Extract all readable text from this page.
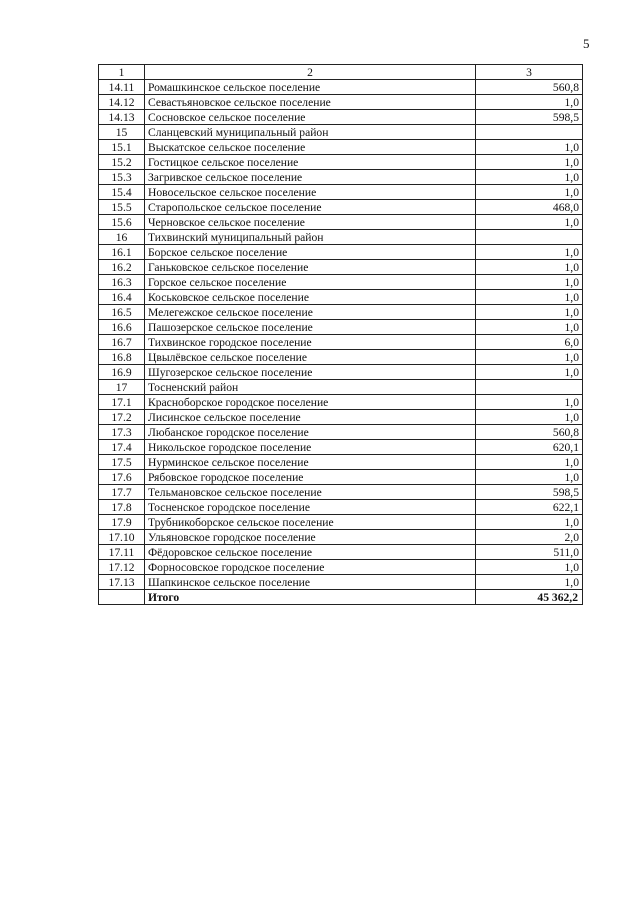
5
1	2	3
14.11	Ромашкинское сельское поселение	560,8
14.12	Севастьяновское сельское поселение	1,0
14.13	Сосновское сельское поселение	598,5
15	Сланцевский муниципальный район	
15.1	Выскатское сельское поселение	1,0
15.2	Гостицкое сельское поселение	1,0
15.3	Загривское сельское поселение	1,0
15.4	Новосельское сельское поселение	1,0
15.5	Старопольское сельское поселение	468,0
15.6	Черновское сельское поселение	1,0
16	Тихвинский муниципальный район	
16.1	Борское сельское поселение	1,0
16.2	Ганьковское сельское поселение	1,0
16.3	Горское сельское поселение	1,0
16.4	Коськовское сельское поселение	1,0
16.5	Мелегежское сельское поселение	1,0
16.6	Пашозерское сельское поселение	1,0
16.7	Тихвинское городское поселение	6,0
16.8	Цвылёвское сельское поселение	1,0
16.9	Шугозерское сельское поселение	1,0
17	Тосненский район	
17.1	Красноборское городское поселение	1,0
17.2	Лисинское сельское поселение	1,0
17.3	Любанское городское поселение	560,8
17.4	Никольское городское поселение	620,1
17.5	Нурминское сельское поселение	1,0
17.6	Рябовское городское поселение	1,0
17.7	Тельмановское сельское поселение	598,5
17.8	Тосненское городское поселение	622,1
17.9	Трубникоборское сельское поселение	1,0
17.10	Ульяновское городское поселение	2,0
17.11	Фёдоровское сельское поселение	511,0
17.12	Форносовское городское поселение	1,0
17.13	Шапкинское сельское поселение	1,0
	Итого	45 362,2
